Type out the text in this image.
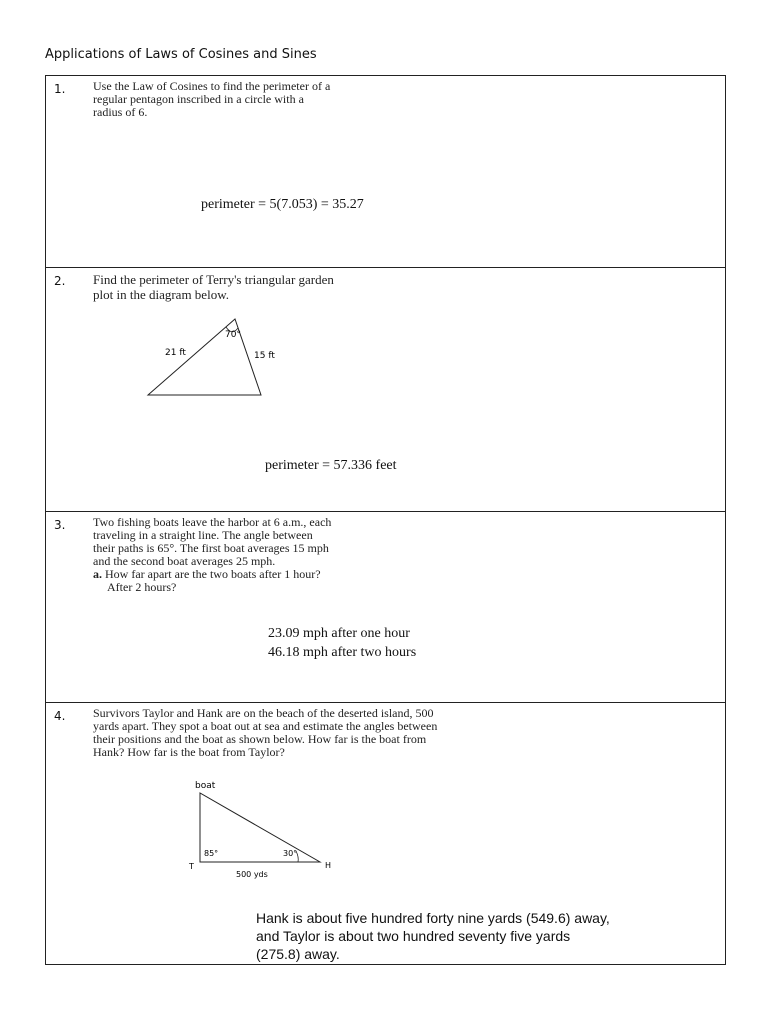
Applications of Laws of Cosines and Sines
1. Use the Law of Cosines to find the perimeter of a
regular pentagon inscribed in a circle with a
radius of 6.
perimeter = 5(7.053) = 35.27
2. Find the perimeter of Terry's triangular garden
plot in the diagram below.
70°
21 ft	15 ft
perimeter = 57.336 feet
3. Two fishing boats leave the harbor at 6 a.m., each
traveling in a straight line. The angle between
their paths is 65°. The first boat averages 15 mph
and the second boat averages 25 mph.
a. How far apart are the two boats after 1 hour?
After 2 hours?
23.09 mph after one hour
46.18 mph after two hours
4. Survivors Taylor and Hank are on the beach of the deserted island, 500
yards apart. They spot a boat out at sea and estimate the angles between
their positions and the boat as shown below. How far is the boat from
Hank? How far is the boat from Taylor?
boat
85°	30°
T	H
500 yds
Hank is about five hundred forty nine yards (549.6) away,
and Taylor is about two hundred seventy five yards
(275.8) away.
